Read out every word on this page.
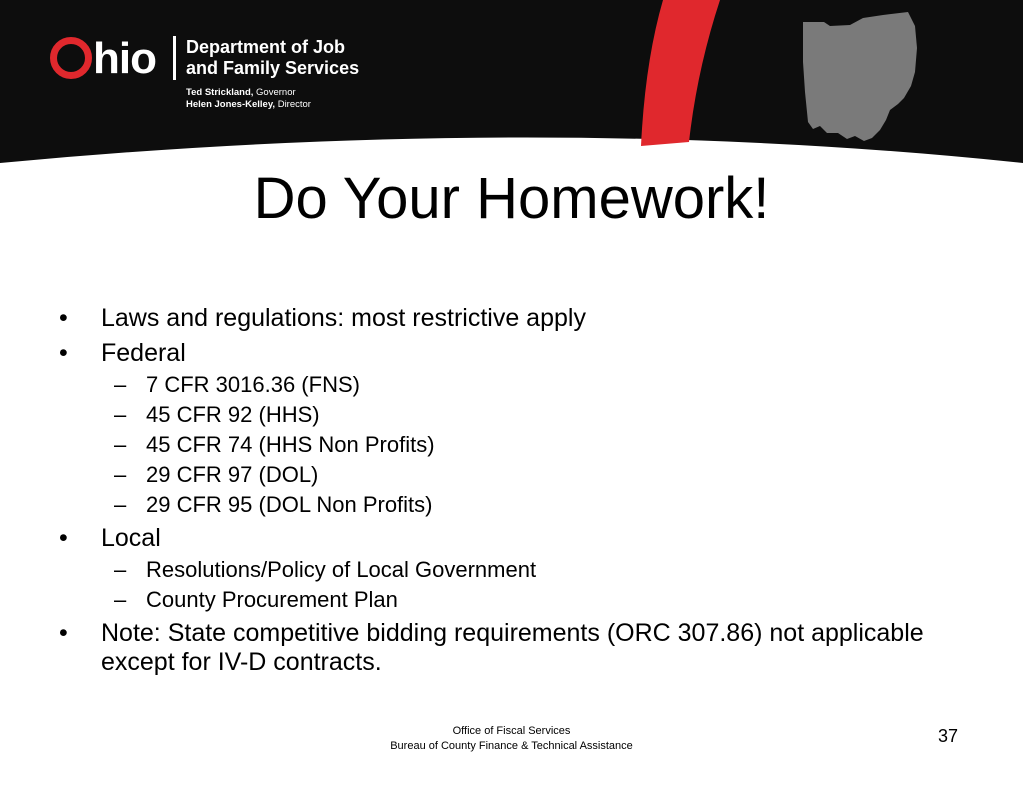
hio Department of Job
and Family Services
Ted Strickland, Governor
Helen Jones-Kelley, Director
Do Your Homework!
• Laws and regulations: most restrictive apply
• Federal
– 7 CFR 3016.36 (FNS)
– 45 CFR 92 (HHS)
– 45 CFR 74 (HHS Non Profits)
– 29 CFR 97 (DOL)
– 29 CFR 95 (DOL Non Profits)
• Local
– Resolutions/Policy of Local Government
– County Procurement Plan
• Note: State competitive bidding requirements (ORC 307.86) not applicable except for IV-D contracts.
Office of Fiscal Services
Bureau of County Finance & Technical Assistance	37
